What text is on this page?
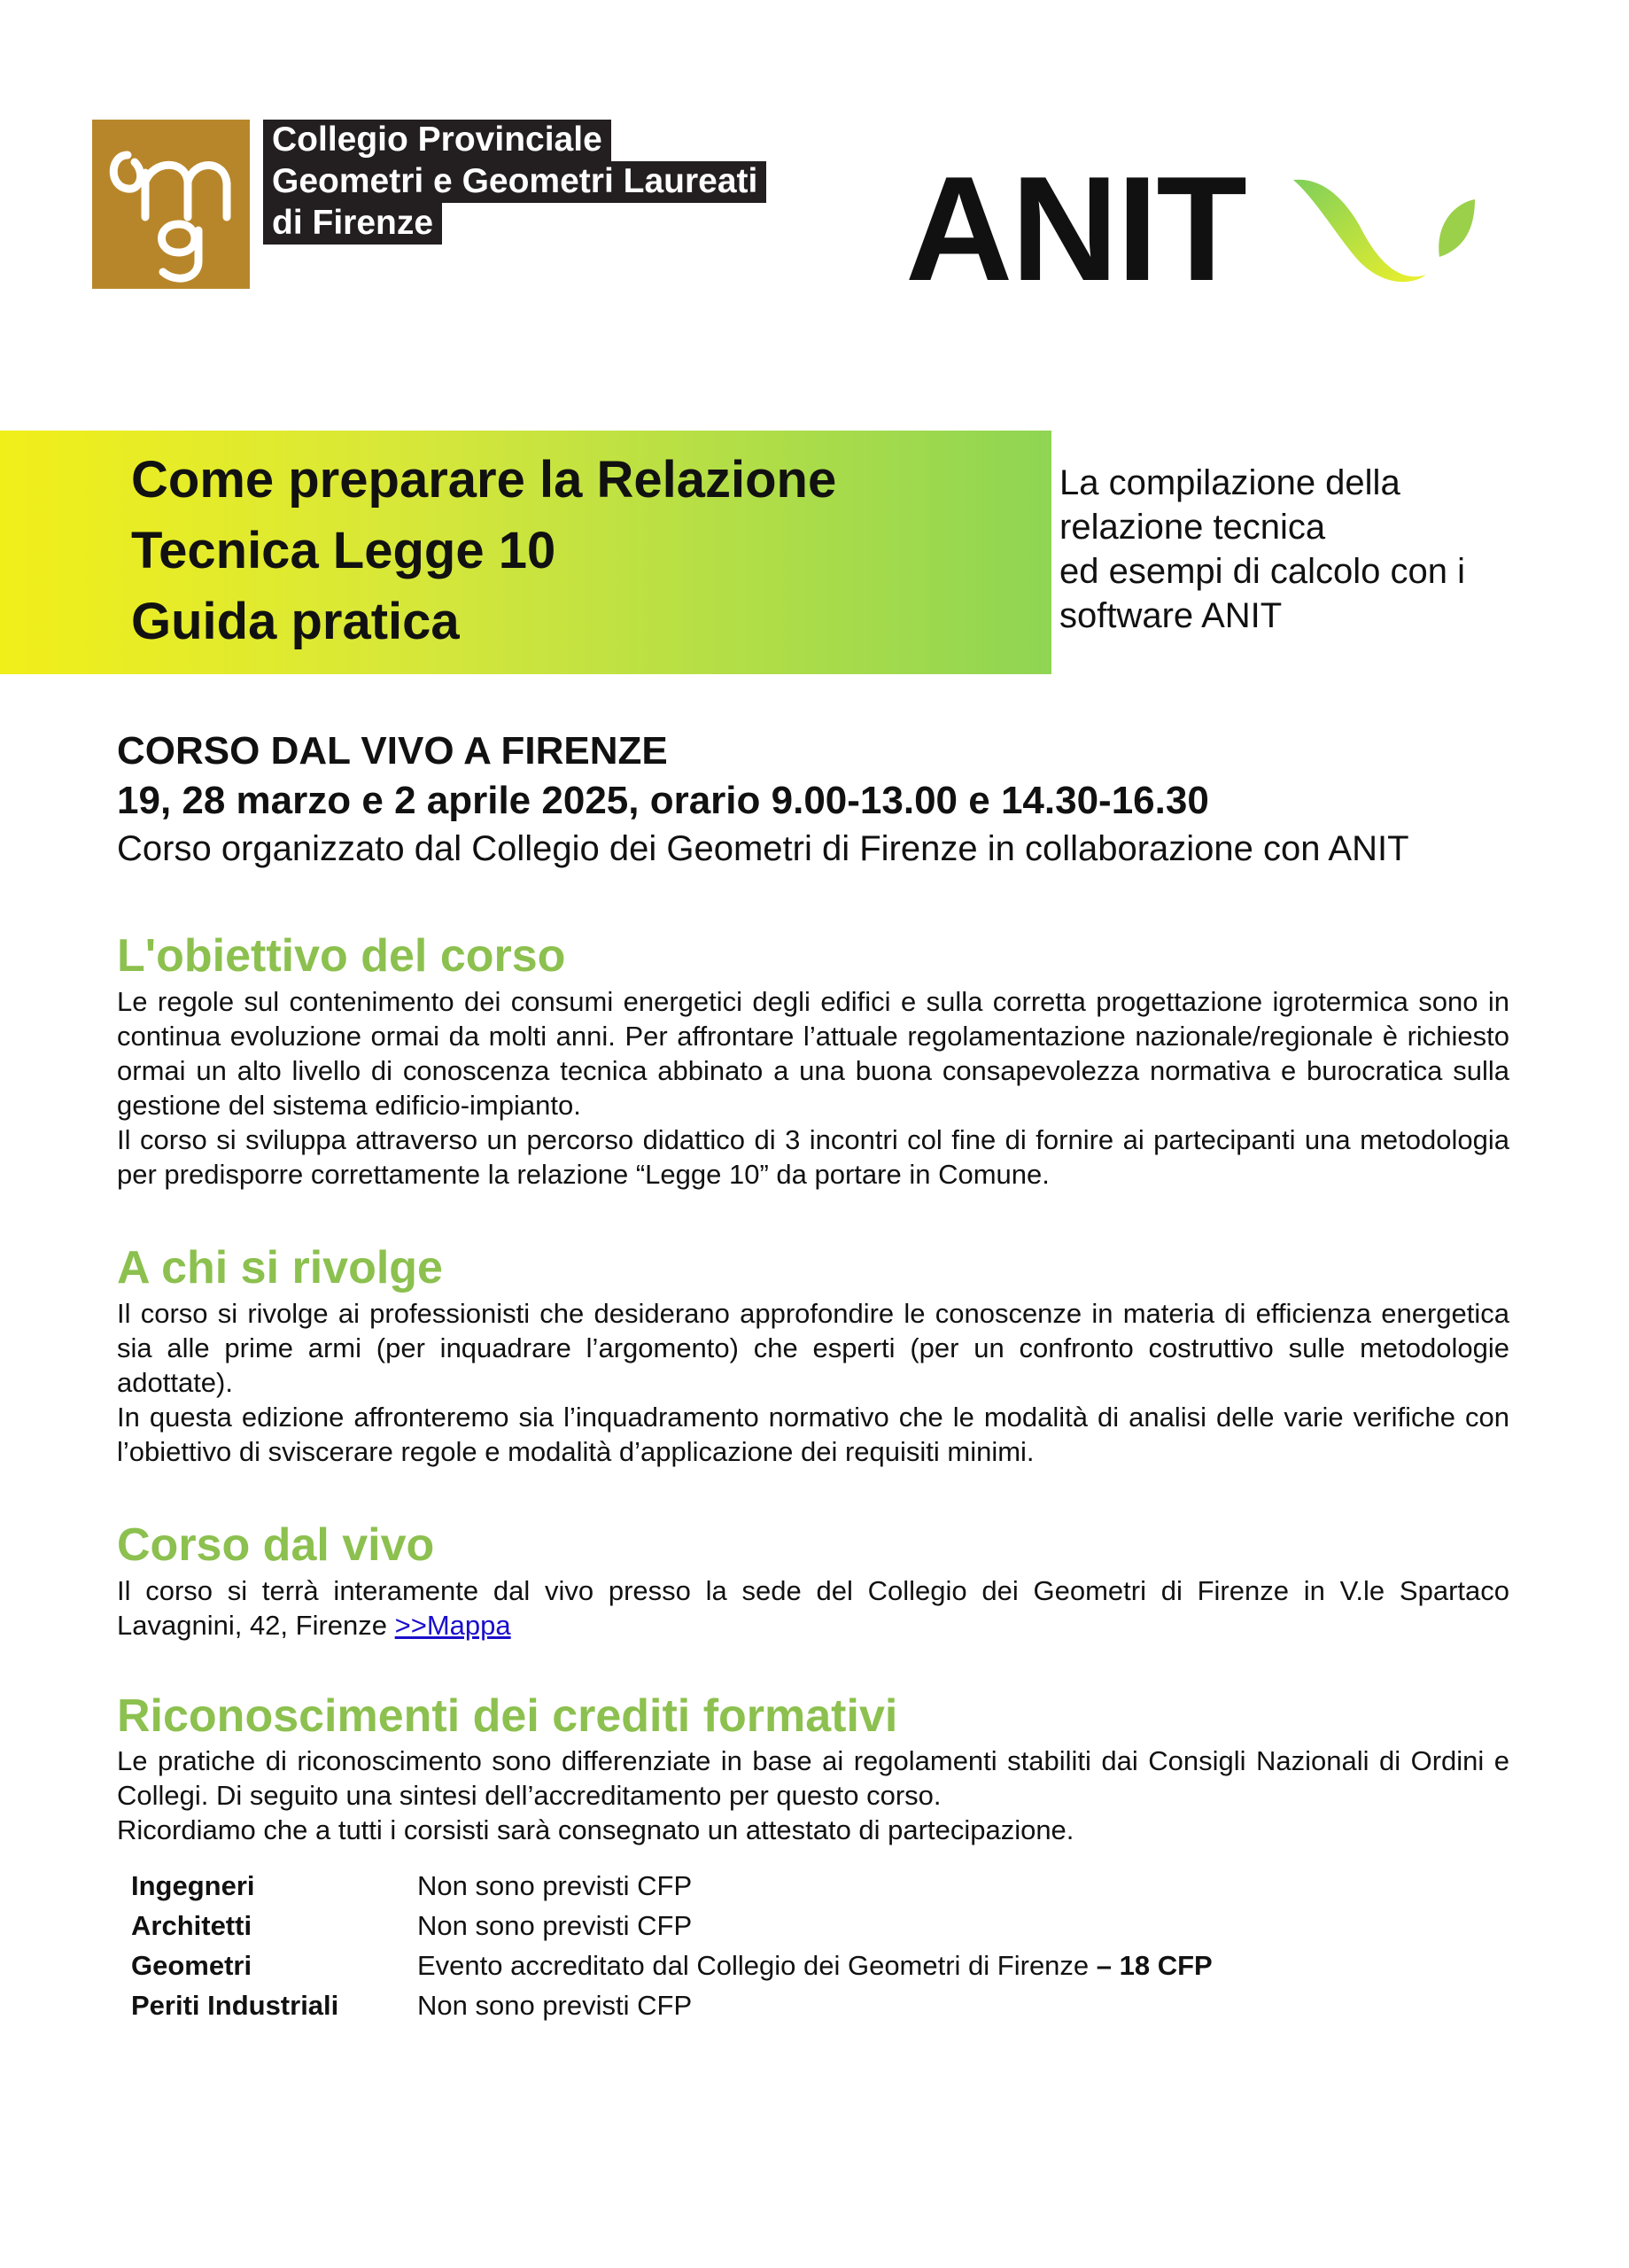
Collegio Provinciale
Geometri e Geometri Laureati
di Firenze	ANIT
Come preparare la Relazione
Tecnica Legge 10
Guida pratica
La compilazione della
relazione tecnica
ed esempi di calcolo con i
software ANIT
CORSO DAL VIVO A FIRENZE
19, 28 marzo e 2 aprile 2025, orario 9.00-13.00 e 14.30-16.30
Corso organizzato dal Collegio dei Geometri di Firenze in collaborazione con ANIT
L'obiettivo del corso

Le regole sul contenimento dei consumi energetici degli edifici e sulla corretta progettazione igrotermica sono in continua evoluzione ormai da molti anni. Per affrontare l’attuale regolamentazione nazionale/regionale è richiesto ormai un alto livello di conoscenza tecnica abbinato a una buona consapevolezza normativa e burocratica sulla gestione del sistema edificio-impianto.

Il corso si sviluppa attraverso un percorso didattico di 3 incontri col fine di fornire ai partecipanti una metodologia per predisporre correttamente la relazione “Legge 10” da portare in Comune.

A chi si rivolge

Il corso si rivolge ai professionisti che desiderano approfondire le conoscenze in materia di efficienza energetica sia alle prime armi (per inquadrare l’argomento) che esperti (per un confronto costruttivo sulle metodologie adottate).

In questa edizione affronteremo sia l’inquadramento normativo che le modalità di analisi delle varie verifiche con l’obiettivo di sviscerare regole e modalità d’applicazione dei requisiti minimi.

Corso dal vivo

Il corso si terrà interamente dal vivo presso la sede del Collegio dei Geometri di Firenze in V.le Spartaco Lavagnini, 42, Firenze >>Mappa

Riconoscimenti dei crediti formativi

Le pratiche di riconoscimento sono differenziate in base ai regolamenti stabiliti dai Consigli Nazionali di Ordini e Collegi. Di seguito una sintesi dell’accreditamento per questo corso.

Ricordiamo che a tutti i corsisti sarà consegnato un attestato di partecipazione.

Ingegneri	Non sono previsti CFP
Architetti	Non sono previsti CFP
Geometri	Evento accreditato dal Collegio dei Geometri di Firenze – 18 CFP
Periti Industriali	Non sono previsti CFP
